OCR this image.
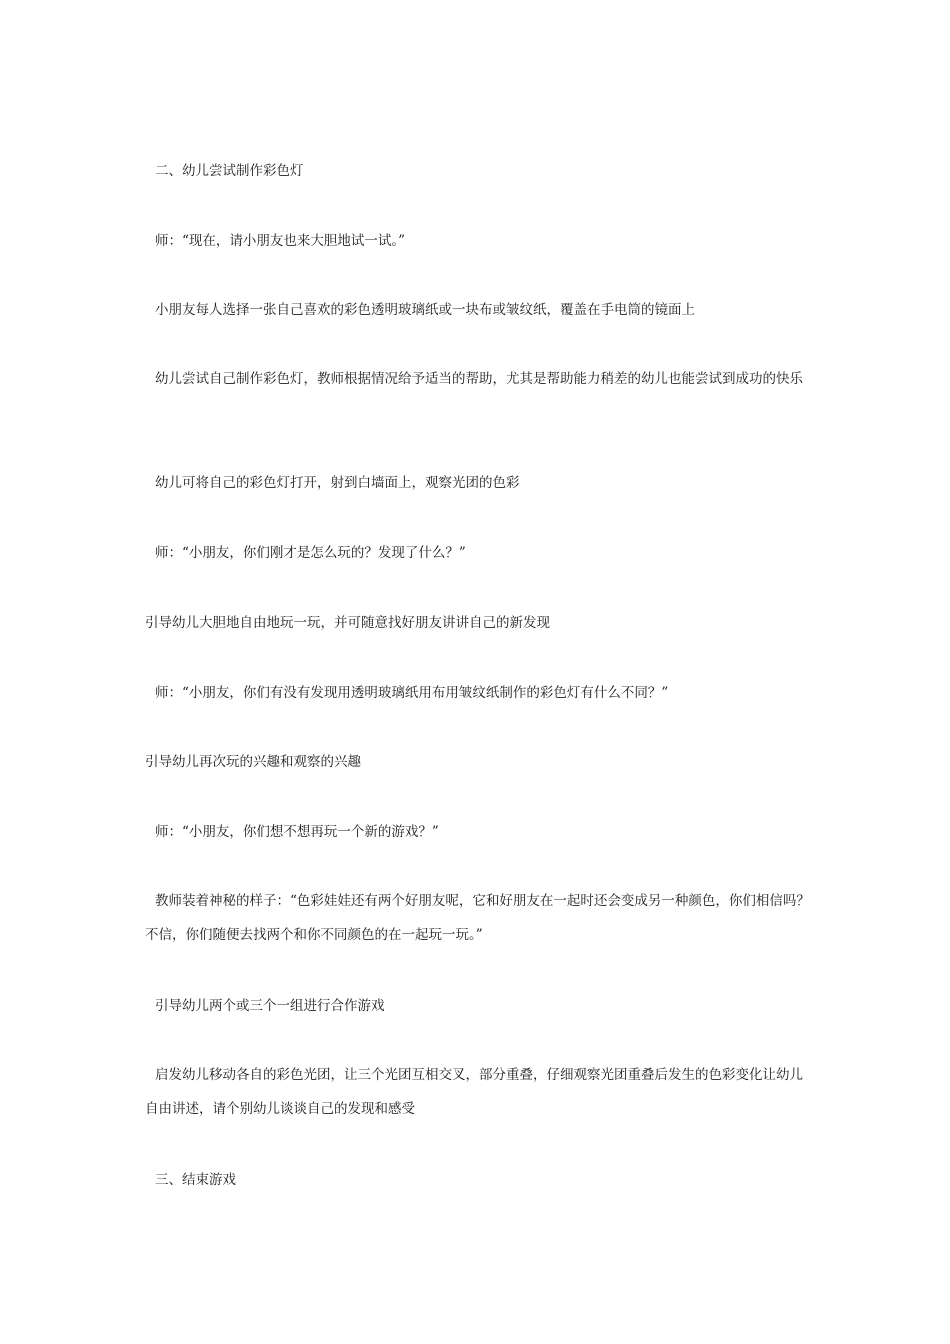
二、幼儿尝试制作彩色灯

师：“现在，请小朋友也来大胆地试一试。”

小朋友每人选择一张自己喜欢的彩色透明玻璃纸或一块布或皱纹纸，覆盖在手电筒的镜面上

幼儿尝试自己制作彩色灯，教师根据情况给予适当的帮助，尤其是帮助能力稍差的幼儿也能尝试到成功的快乐

幼儿可将自己的彩色灯打开，射到白墙面上，观察光团的色彩

师：“小朋友，你们刚才是怎么玩的？发现了什么？”

引导幼儿大胆地自由地玩一玩，并可随意找好朋友讲讲自己的新发现

师：“小朋友，你们有没有发现用透明玻璃纸用布用皱纹纸制作的彩色灯有什么不同？”

引导幼儿再次玩的兴趣和观察的兴趣

师：“小朋友，你们想不想再玩一个新的游戏？”

教师装着神秘的样子：“色彩娃娃还有两个好朋友呢，它和好朋友在一起时还会变成另一种颜色，你们相信吗？不信，你们随便去找两个和你不同颜色的在一起玩一玩。”

引导幼儿两个或三个一组进行合作游戏

启发幼儿移动各自的彩色光团，让三个光团互相交叉，部分重叠，仔细观察光团重叠后发生的色彩变化让幼儿自由讲述，请个别幼儿谈谈自己的发现和感受

三、结束游戏
